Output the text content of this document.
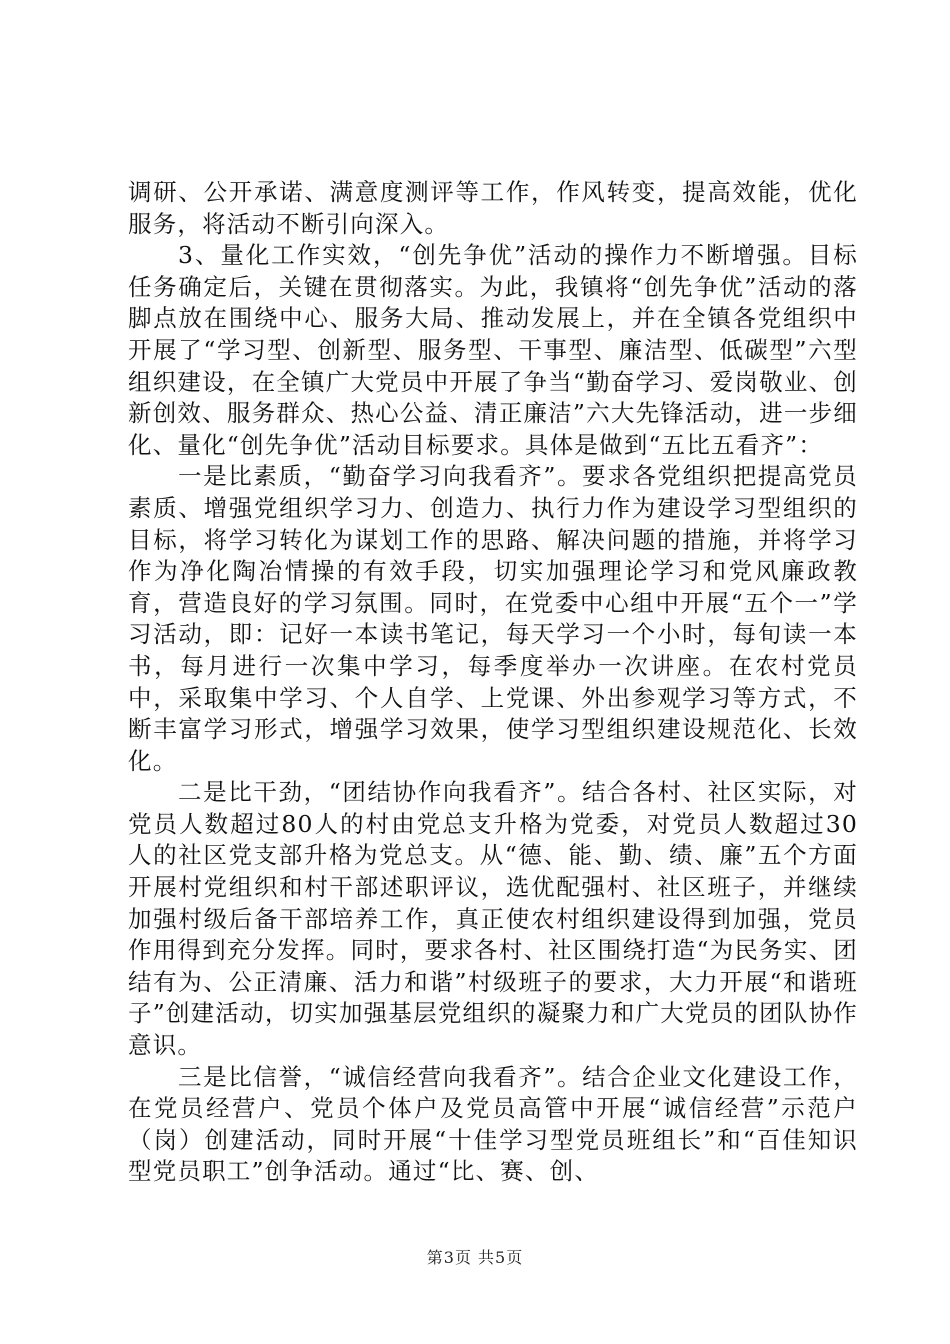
调研、公开承诺、满意度测评等工作，作风转变，提高效能，优化服务，将活动不断引向深入。

3、量化工作实效，“创先争优”活动的操作力不断增强。目标任务确定后，关键在贯彻落实。为此，我镇将“创先争优”活动的落脚点放在围绕中心、服务大局、推动发展上，并在全镇各党组织中开展了“学习型、创新型、服务型、干事型、廉洁型、低碳型”六型组织建设，在全镇广大党员中开展了争当“勤奋学习、爱岗敬业、创新创效、服务群众、热心公益、清正廉洁”六大先锋活动，进一步细化、量化“创先争优”活动目标要求。具体是做到“五比五看齐”：

一是比素质，“勤奋学习向我看齐”。要求各党组织把提高党员素质、增强党组织学习力、创造力、执行力作为建设学习型组织的目标，将学习转化为谋划工作的思路、解决问题的措施，并将学习作为净化陶冶情操的有效手段，切实加强理论学习和党风廉政教育，营造良好的学习氛围。同时，在党委中心组中开展“五个一”学习活动，即：记好一本读书笔记，每天学习一个小时，每旬读一本书，每月进行一次集中学习，每季度举办一次讲座。在农村党员中，采取集中学习、个人自学、上党课、外出参观学习等方式，不断丰富学习形式，增强学习效果，使学习型组织建设规范化、长效化。

二是比干劲，“团结协作向我看齐”。结合各村、社区实际，对党员人数超过80人的村由党总支升格为党委，对党员人数超过30人的社区党支部升格为党总支。从“德、能、勤、绩、廉”五个方面开展村党组织和村干部述职评议，选优配强村、社区班子，并继续加强村级后备干部培养工作，真正使农村组织建设得到加强，党员作用得到充分发挥。同时，要求各村、社区围绕打造“为民务实、团结有为、公正清廉、活力和谐”村级班子的要求，大力开展“和谐班子”创建活动，切实加强基层党组织的凝聚力和广大党员的团队协作意识。

三是比信誉，“诚信经营向我看齐”。结合企业文化建设工作，在党员经营户、党员个体户及党员高管中开展“诚信经营”示范户（岗）创建活动，同时开展“十佳学习型党员班组长”和“百佳知识型党员职工”创争活动。通过“比、赛、创、

第3页 共5页
